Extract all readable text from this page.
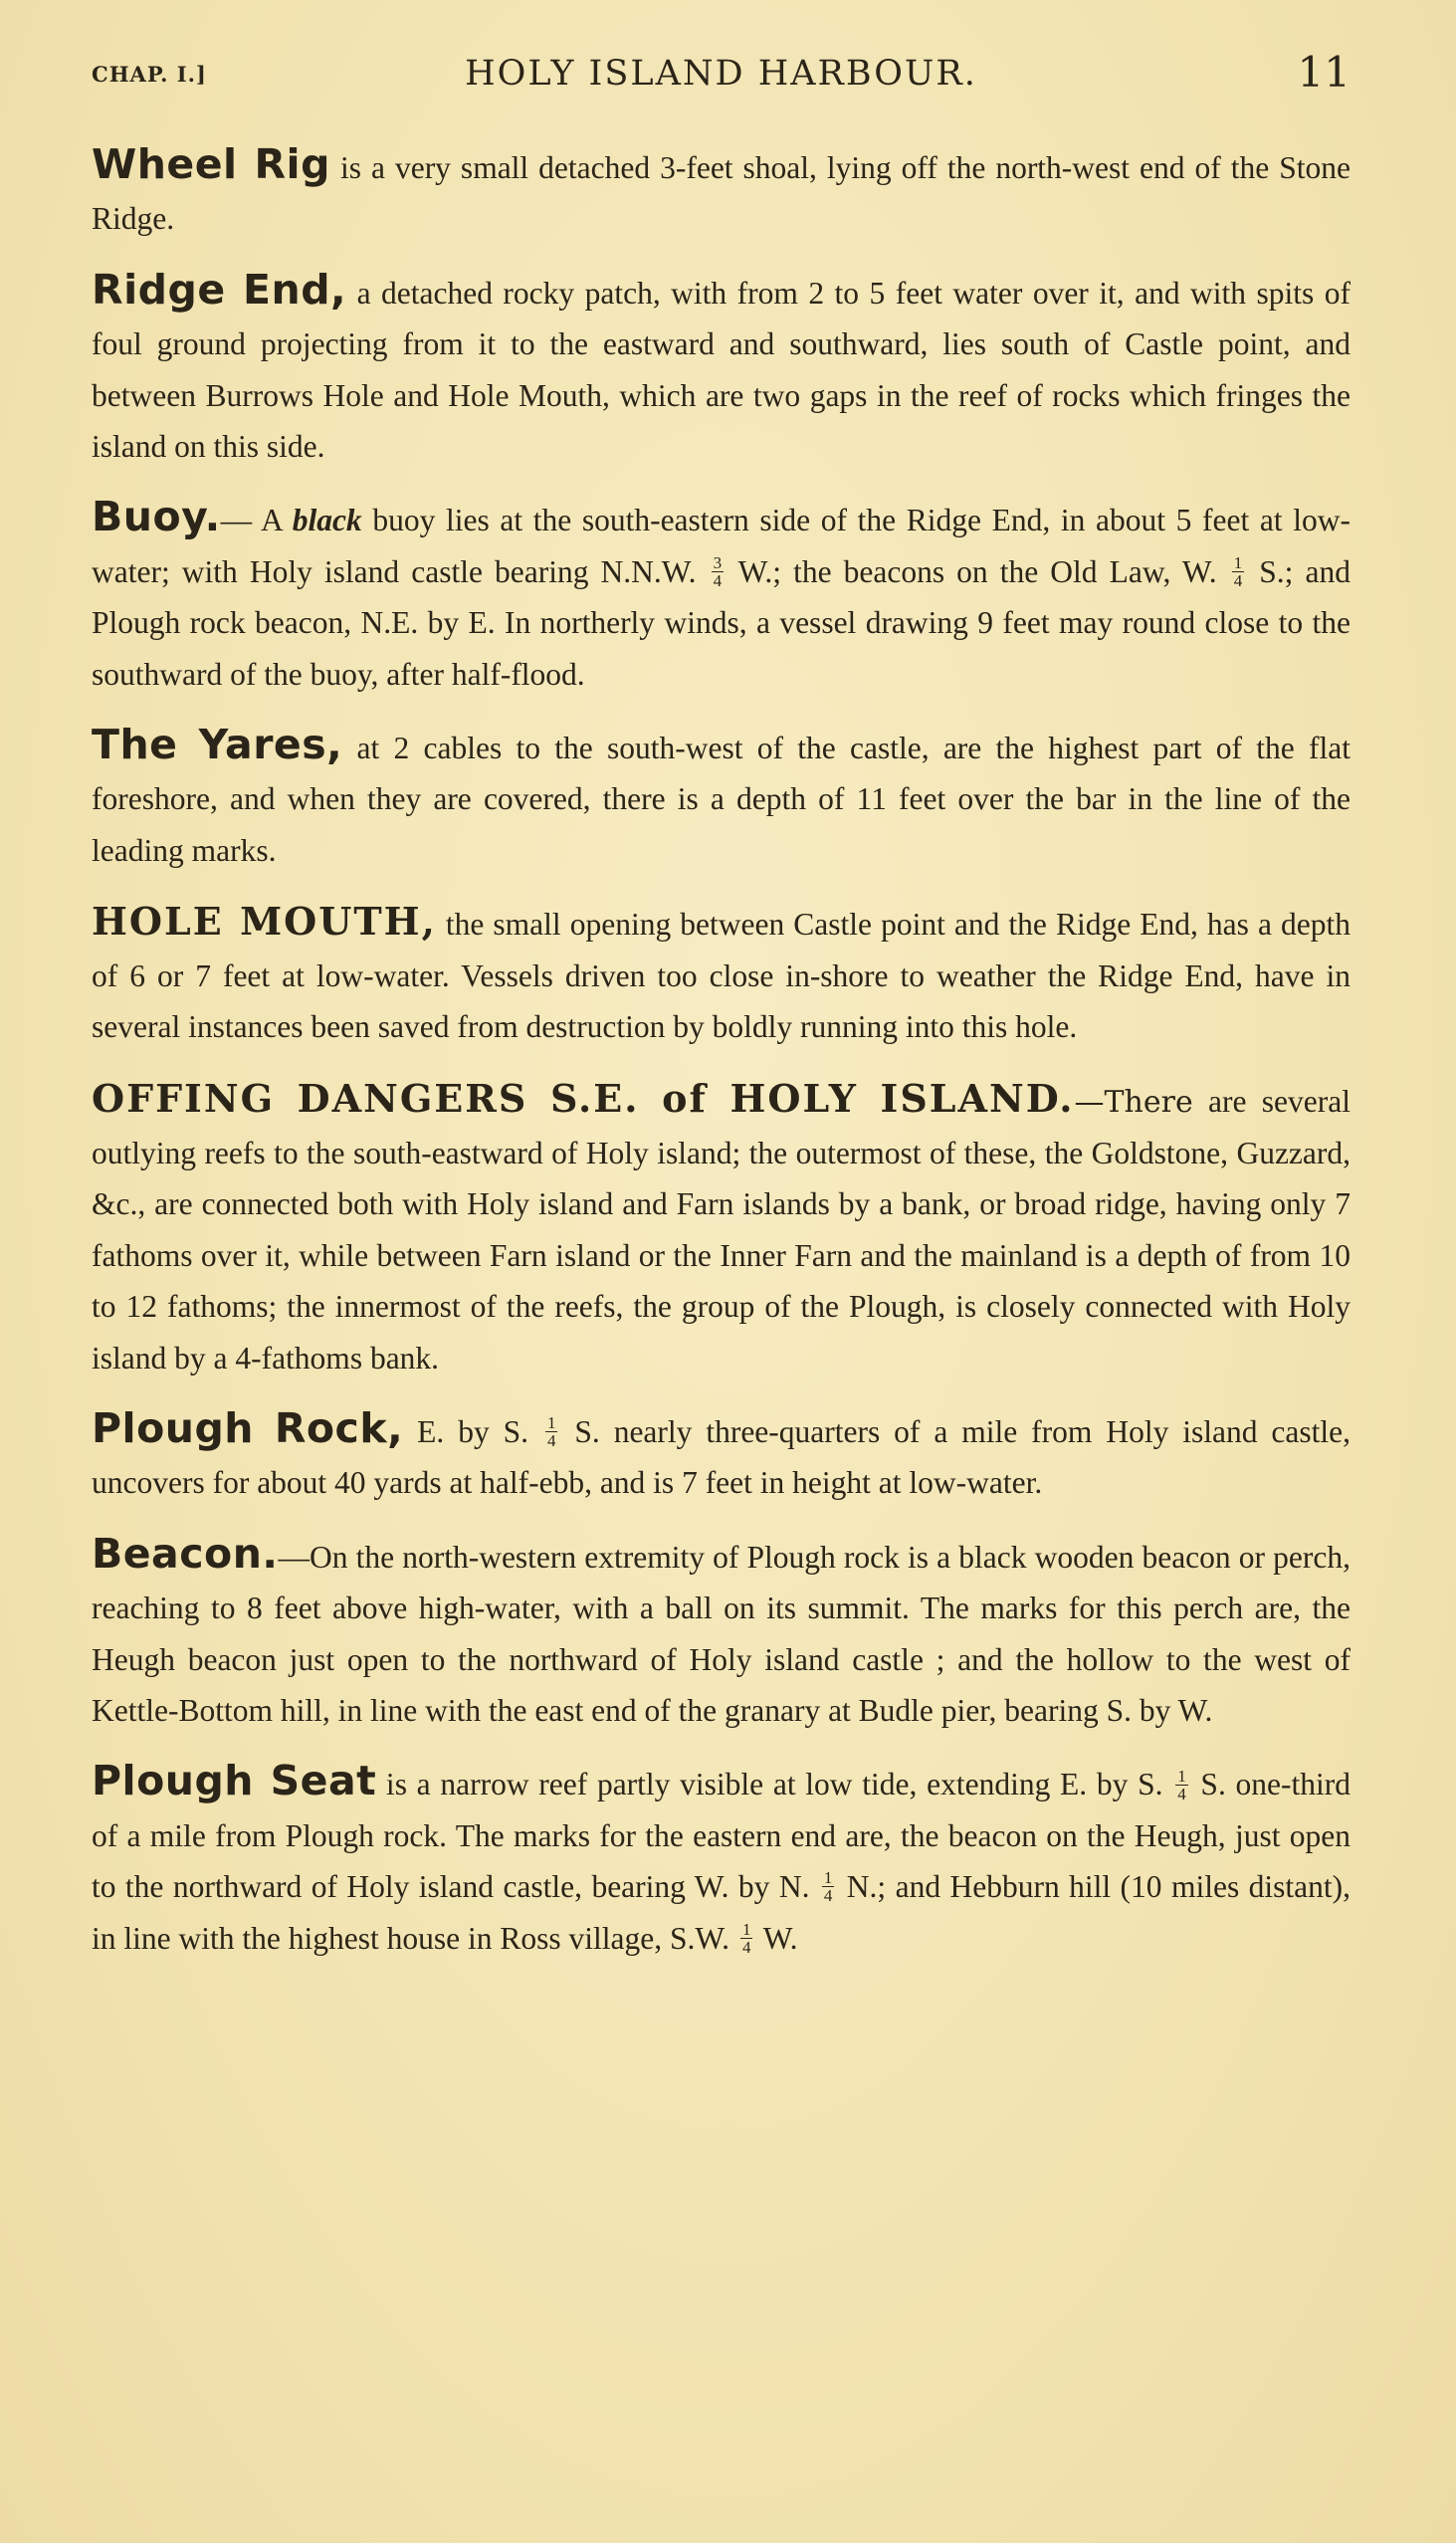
CHAP. I.]	HOLY ISLAND HARBOUR.	11

Wheel Rig is a very small detached 3-feet shoal, lying off the north-west end of the Stone Ridge.

Ridge End, a detached rocky patch, with from 2 to 5 feet water over it, and with spits of foul ground projecting from it to the eastward and southward, lies south of Castle point, and between Burrows Hole and Hole Mouth, which are two gaps in the reef of rocks which fringes the island on this side.

Buoy.— A black buoy lies at the south-eastern side of the Ridge End, in about 5 feet at low-water; with Holy island castle bearing N.N.W. $\frac{3}{4} W$.; the beacons on the Old Law, W. $\frac{1}{4} S$.; and Plough rock beacon, N.E. by E. In northerly winds, a vessel drawing 9 feet may round close to the southward of the buoy, after half-flood.

The Yares, at 2 cables to the south-west of the castle, are the highest part of the flat foreshore, and when they are covered, there is a depth of 11 feet over the bar in the line of the leading marks.

HOLE MOUTH, the small opening between Castle point and the Ridge End, has a depth of 6 or 7 feet at low-water. Vessels driven too close in-shore to weather the Ridge End, have in several instances been saved from destruction by boldly running into this hole.

OFFING DANGERS S.E. of HOLY ISLAND.—There are several outlying reefs to the south-eastward of Holy island; the outermost of these, the Goldstone, Guzzard, &c., are connected both with Holy island and Farn islands by a bank, or broad ridge, having only 7 fathoms over it, while between Farn island or the Inner Farn and the mainland is a depth of from 10 to 12 fathoms; the innermost of the reefs, the group of the Plough, is closely connected with Holy island by a 4-fathoms bank.

Plough Rock, E. by S. $\frac{1}{4} S$. nearly three-quarters of a mile from Holy island castle, uncovers for about 40 yards at half-ebb, and is 7 feet in height at low-water.

Beacon.—On the north-western extremity of Plough rock is a black wooden beacon or perch, reaching to 8 feet above high-water, with a ball on its summit. The marks for this perch are, the Heugh beacon just open to the northward of Holy island castle ; and the hollow to the west of Kettle-Bottom hill, in line with the east end of the granary at Budle pier, bearing S. by W.

Plough Seat is a narrow reef partly visible at low tide, extending E. by S. $\frac{1}{4} S$. one-third of a mile from Plough rock. The marks for the eastern end are, the beacon on the Heugh, just open to the northward of Holy island castle, bearing W. by N. $\frac{1}{4} N$.; and Hebburn hill (10 miles distant), in line with the highest house in Ross village, S.W. $\frac{1}{4} W$.
